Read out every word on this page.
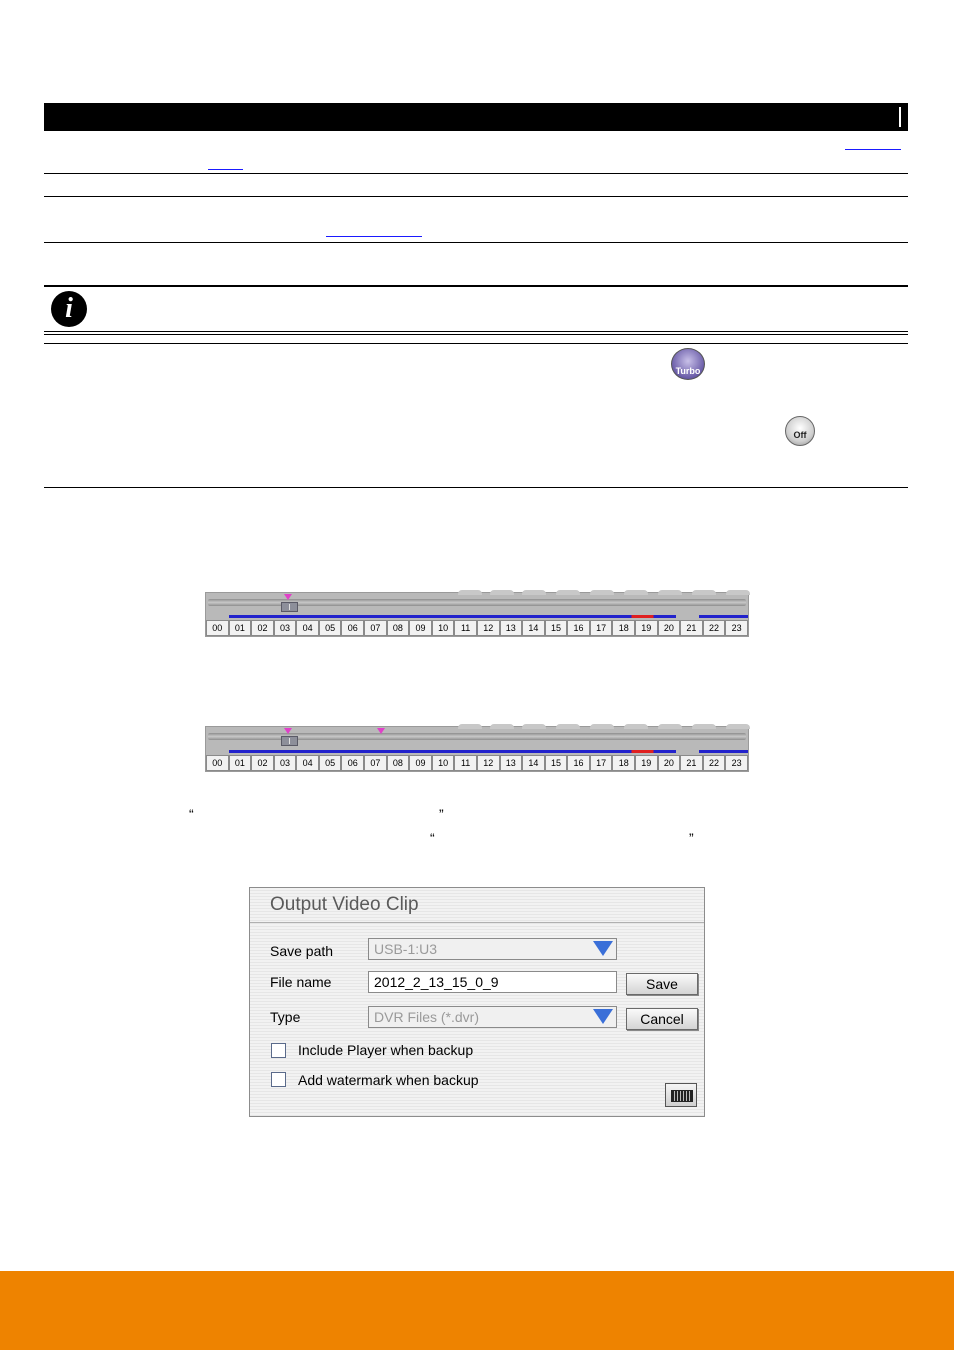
i
Turbo
Off
00	01	02	03	04	05	06	07	08	09	10	11	12	13	14	15	16	17	18	19	20	21	22	23
00	01	02	03	04	05	06	07	08	09	10	11	12	13	14	15	16	17	18	19	20	21	22	23
“	”
“	”
Output Video Clip
Save path	USB-1:U3
File name	2012_2_13_15_0_9	Save
Type	DVR Files (*.dvr)	Cancel
Include Player when backup
Add watermark when backup
